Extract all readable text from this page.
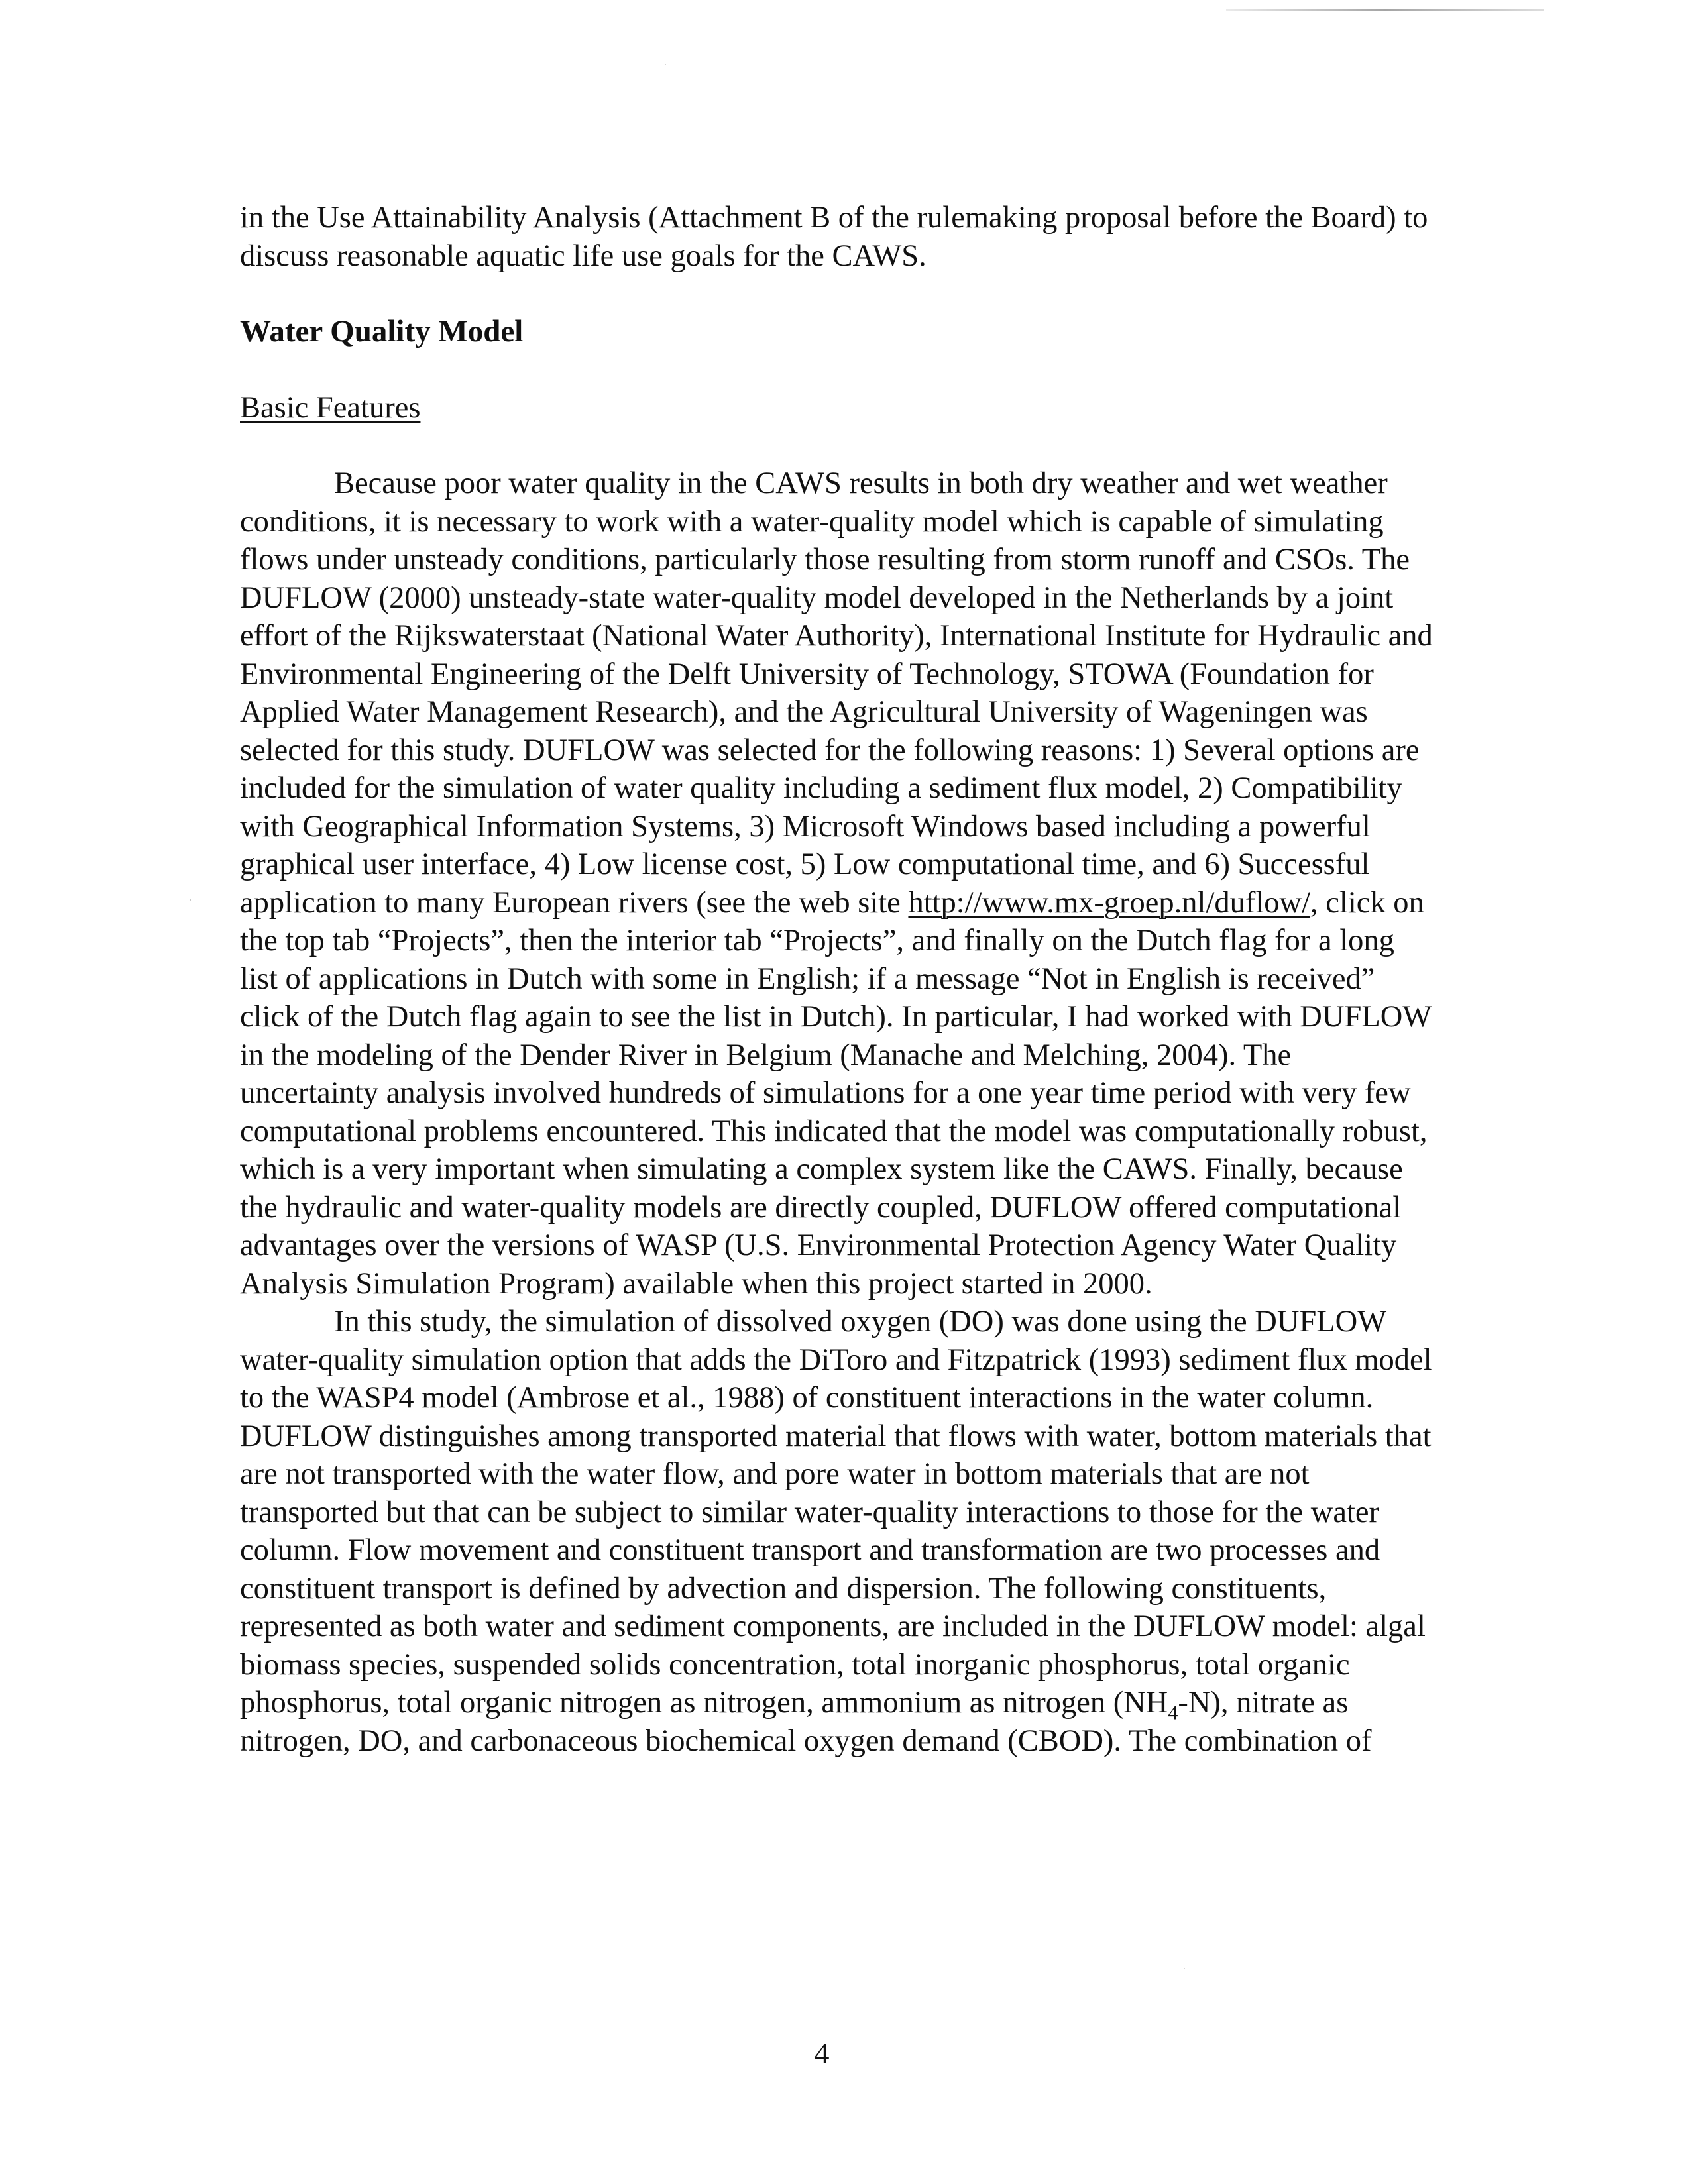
in the Use Attainability Analysis (Attachment B of the rulemaking proposal before the Board) to discuss reasonable aquatic life use goals for the CAWS.

Water Quality Model
Basic Features

Because poor water quality in the CAWS results in both dry weather and wet weather conditions, it is necessary to work with a water-quality model which is capable of simulating flows under unsteady conditions, particularly those resulting from storm runoff and CSOs. The DUFLOW (2000) unsteady-state water-quality model developed in the Netherlands by a joint effort of the Rijkswaterstaat (National Water Authority), International Institute for Hydraulic and Environmental Engineering of the Delft University of Technology, STOWA (Foundation for Applied Water Management Research), and the Agricultural University of Wageningen was selected for this study. DUFLOW was selected for the following reasons: 1) Several options are included for the simulation of water quality including a sediment flux model, 2) Compatibility with Geographical Information Systems, 3) Microsoft Windows based including a powerful graphical user interface, 4) Low license cost, 5) Low computational time, and 6) Successful application to many European rivers (see the web site http://www.mx-groep.nl/duflow/, click on the top tab “Projects”, then the interior tab “Projects”, and finally on the Dutch flag for a long list of applications in Dutch with some in English; if a message “Not in English is received” click of the Dutch flag again to see the list in Dutch). In particular, I had worked with DUFLOW in the modeling of the Dender River in Belgium (Manache and Melching, 2004). The uncertainty analysis involved hundreds of simulations for a one year time period with very few computational problems encountered. This indicated that the model was computationally robust, which is a very important when simulating a complex system like the CAWS. Finally, because the hydraulic and water-quality models are directly coupled, DUFLOW offered computational advantages over the versions of WASP (U.S. Environmental Protection Agency Water Quality Analysis Simulation Program) available when this project started in 2000.

In this study, the simulation of dissolved oxygen (DO) was done using the DUFLOW water-quality simulation option that adds the DiToro and Fitzpatrick (1993) sediment flux model to the WASP4 model (Ambrose et al., 1988) of constituent interactions in the water column. DUFLOW distinguishes among transported material that flows with water, bottom materials that are not transported with the water flow, and pore water in bottom materials that are not transported but that can be subject to similar water-quality interactions to those for the water column. Flow movement and constituent transport and transformation are two processes and constituent transport is defined by advection and dispersion. The following constituents, represented as both water and sediment components, are included in the DUFLOW model: algal biomass species, suspended solids concentration, total inorganic phosphorus, total organic phosphorus, total organic nitrogen as nitrogen, ammonium as nitrogen $(NH_4-N)$, nitrate as nitrogen, DO, and carbonaceous biochemical oxygen demand (CBOD). The combination of

4
